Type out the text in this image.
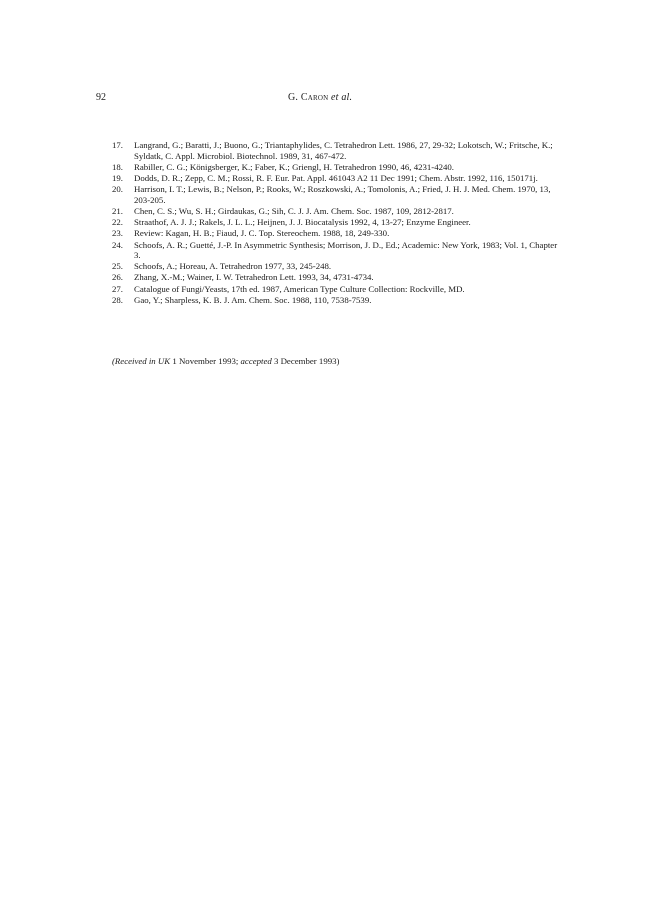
92	G. Caron et al.
17.	Langrand, G.; Baratti, J.; Buono, G.; Triantaphylides, C. Tetrahedron Lett. 1986, 27, 29-32; Lokotsch, W.; Fritsche, K.; Syldatk, C. Appl. Microbiol. Biotechnol. 1989, 31, 467-472.
18.	Rabiller, C. G.; Königsberger, K.; Faber, K.; Griengl, H. Tetrahedron 1990, 46, 4231-4240.
19.	Dodds, D. R.; Zepp, C. M.; Rossi, R. F. Eur. Pat. Appl. 461043 A2 11 Dec 1991; Chem. Abstr. 1992, 116, 150171j.
20.	Harrison, I. T.; Lewis, B.; Nelson, P.; Rooks, W.; Roszkowski, A.; Tomolonis, A.; Fried, J. H. J. Med. Chem. 1970, 13, 203-205.
21.	Chen, C. S.; Wu, S. H.; Girdaukas, G.; Sih, C. J. J. Am. Chem. Soc. 1987, 109, 2812-2817.
22.	Straathof, A. J. J.; Rakels, J. L. L.; Heijnen, J. J. Biocatalysis 1992, 4, 13-27; Enzyme Engineer.
23.	Review: Kagan, H. B.; Fiaud, J. C. Top. Stereochem. 1988, 18, 249-330.
24.	Schoofs, A. R.; Guetté, J.-P. In Asymmetric Synthesis; Morrison, J. D., Ed.; Academic: New York, 1983; Vol. 1, Chapter 3.
25.	Schoofs, A.; Horeau, A. Tetrahedron 1977, 33, 245-248.
26.	Zhang, X.-M.; Wainer, I. W. Tetrahedron Lett. 1993, 34, 4731-4734.
27.	Catalogue of Fungi/Yeasts, 17th ed. 1987, American Type Culture Collection: Rockville, MD.
28.	Gao, Y.; Sharpless, K. B. J. Am. Chem. Soc. 1988, 110, 7538-7539.
(Received in UK 1 November 1993; accepted 3 December 1993)
